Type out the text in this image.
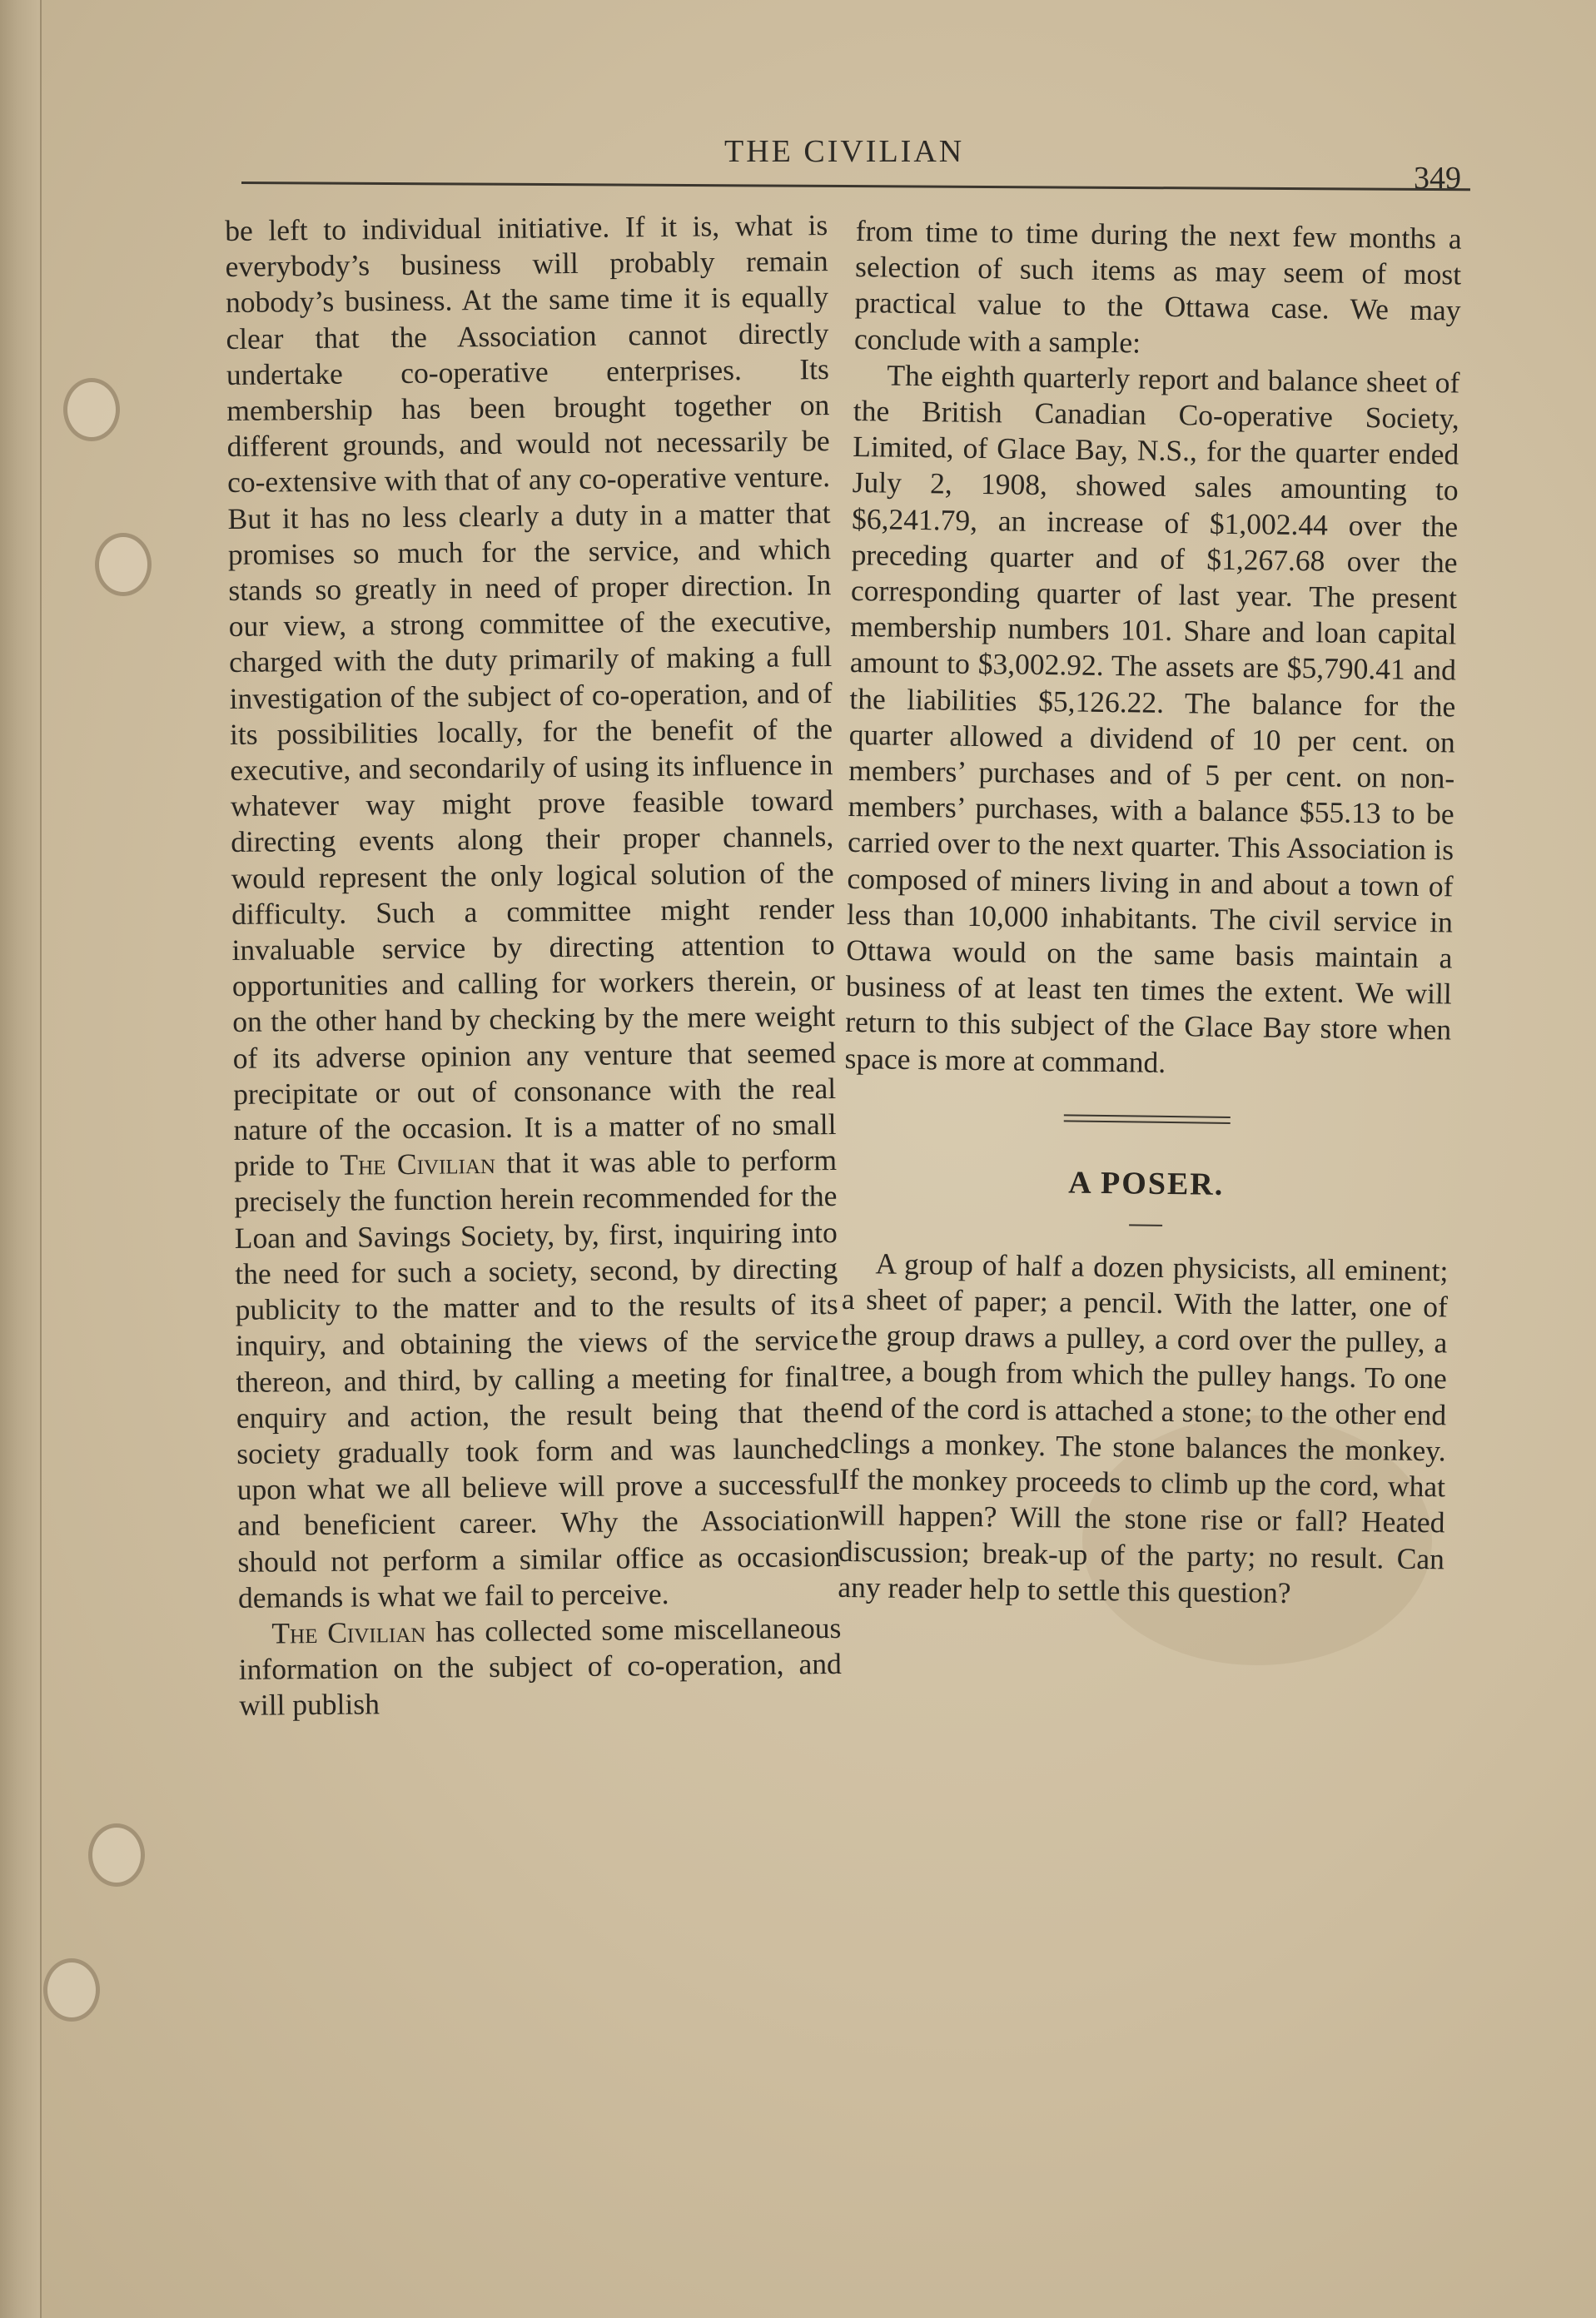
THE CIVILIAN
349

be left to individual initiative. If it is, what is everybody’s business will probably remain nobody’s business. At the same time it is equally clear that the Association cannot directly undertake co-operative enterprises. Its membership has been brought together on different grounds, and would not necessarily be co-extensive with that of any co-operative venture. But it has no less clearly a duty in a matter that promises so much for the service, and which stands so greatly in need of proper direction. In our view, a strong committee of the executive, charged with the duty primarily of making a full investigation of the subject of co-operation, and of its possibilities locally, for the benefit of the executive, and secondarily of using its influence in whatever way might prove feasible toward directing events along their proper channels, would represent the only logical solution of the difficulty. Such a committee might render invaluable service by directing attention to opportunities and calling for workers therein, or on the other hand by checking by the mere weight of its adverse opinion any venture that seemed precipitate or out of consonance with the real nature of the occasion. It is a matter of no small pride to The Civilian that it was able to perform precisely the function herein recommended for the Loan and Savings Society, by, first, inquiring into the need for such a society, second, by directing publicity to the matter and to the results of its inquiry, and obtaining the views of the service thereon, and third, by calling a meeting for final enquiry and action, the result being that the society gradually took form and was launched upon what we all believe will prove a successful and beneficient career. Why the Association should not perform a similar office as occasion demands is what we fail to perceive.

The Civilian has collected some miscellaneous information on the subject of co-operation, and will publish

from time to time during the next few months a selection of such items as may seem of most practical value to the Ottawa case. We may conclude with a sample:

The eighth quarterly report and balance sheet of the British Canadian Co-operative Society, Limited, of Glace Bay, N.S., for the quarter ended July 2, 1908, showed sales amounting to $6,241.79, an increase of $1,002.44 over the preceding quarter and of $1,267.68 over the corresponding quarter of last year. The present membership numbers 101. Share and loan capital amount to $3,002.92. The assets are $5,790.41 and the liabilities $5,126.22. The balance for the quarter allowed a dividend of 10 per cent. on members’ purchases and of 5 per cent. on non-members’ purchases, with a balance $55.13 to be carried over to the next quarter. This Association is composed of miners living in and about a town of less than 10,000 inhabitants. The civil service in Ottawa would on the same basis maintain a business of at least ten times the extent. We will return to this subject of the Glace Bay store when space is more at command.

A POSER.

A group of half a dozen physicists, all eminent; a sheet of paper; a pencil. With the latter, one of the group draws a pulley, a cord over the pulley, a tree, a bough from which the pulley hangs. To one end of the cord is attached a stone; to the other end clings a monkey. The stone balances the monkey. If the monkey proceeds to climb up the cord, what will happen? Will the stone rise or fall? Heated discussion; break-up of the party; no result. Can any reader help to settle this question?
